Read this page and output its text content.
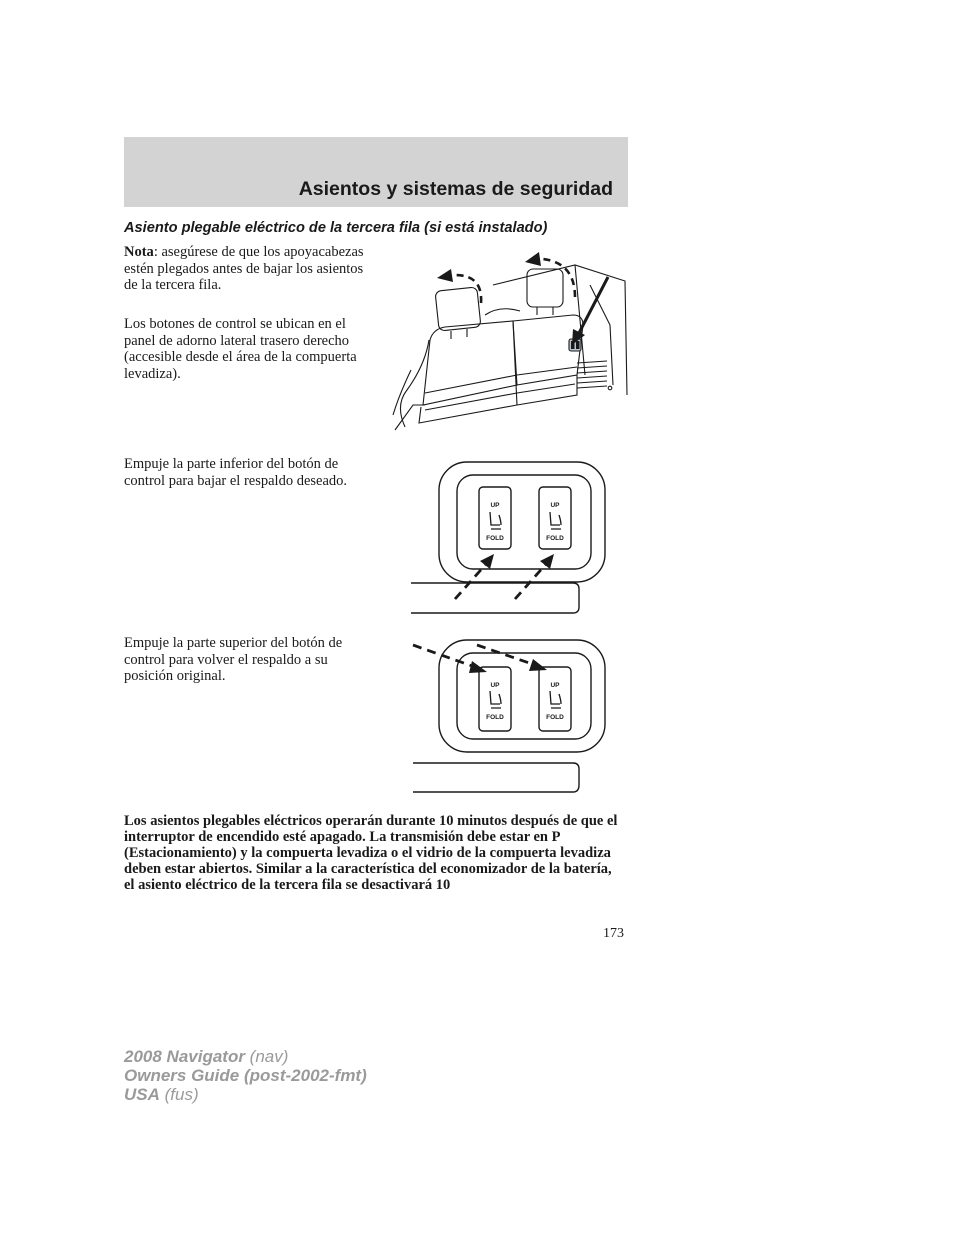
Asientos y sistemas de seguridad
Asiento plegable eléctrico de la tercera fila (si está instalado)

Nota: asegúrese de que los apoyacabezas estén plegados antes de bajar los asientos de la tercera fila.

Los botones de control se ubican en el panel de adorno lateral trasero derecho (accesible desde el área de la compuerta levadiza).

Empuje la parte inferior del botón de control para bajar el respaldo deseado.

Empuje la parte superior del botón de control para volver el respaldo a su posición original.

UP
FOLD
UP
FOLD
UP
FOLD
UP
FOLD

Los asientos plegables eléctricos operarán durante 10 minutos después de que el interruptor de encendido esté apagado. La transmisión debe estar en P (Estacionamiento) y la compuerta levadiza o el vidrio de la compuerta levadiza deben estar abiertos. Similar a la característica del economizador de la batería, el asiento eléctrico de la tercera fila se desactivará 10

173
2008 Navigator (nav)
Owners Guide (post-2002-fmt)
USA (fus)
